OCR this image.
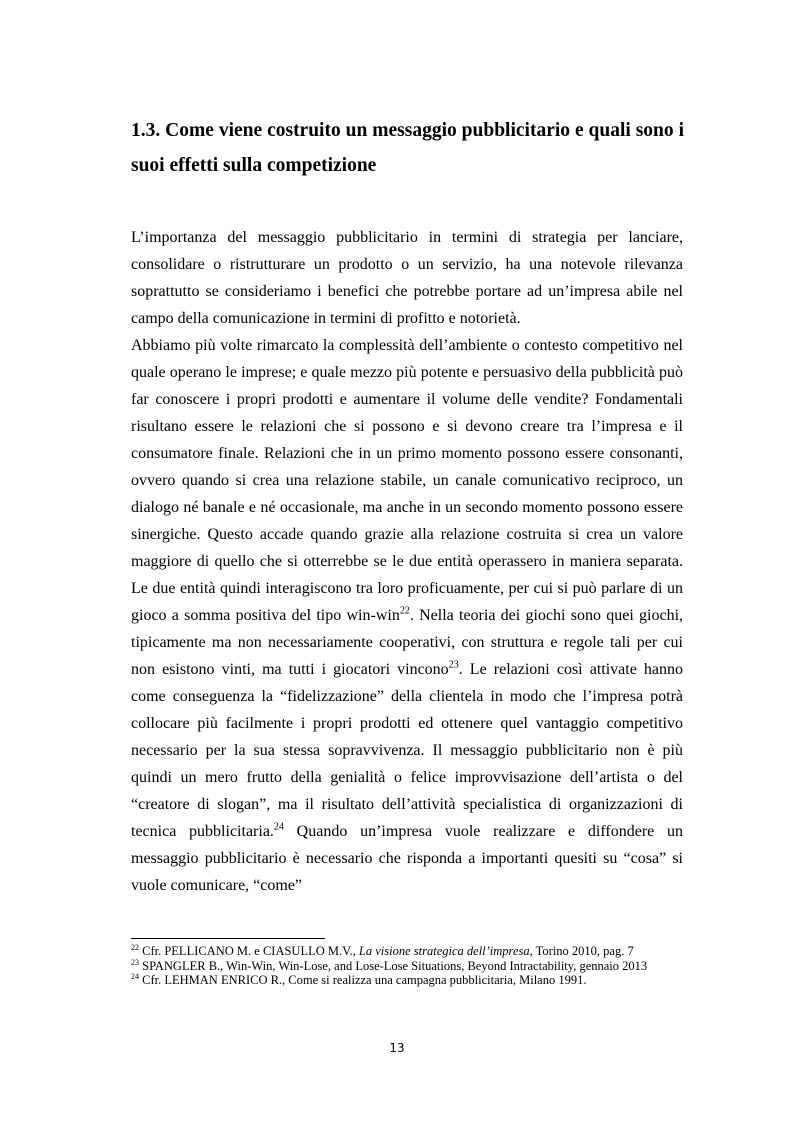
1.3. Come viene costruito un messaggio pubblicitario e quali sono i suoi effetti sulla competizione

L’importanza del messaggio pubblicitario in termini di strategia per lanciare, consolidare o ristrutturare un prodotto o un servizio, ha una notevole rilevanza soprattutto se consideriamo i benefici che potrebbe portare ad un’impresa abile nel campo della comunicazione in termini di profitto e notorietà.

Abbiamo più volte rimarcato la complessità dell’ambiente o contesto competitivo nel quale operano le imprese; e quale mezzo più potente e persuasivo della pubblicità può far conoscere i propri prodotti e aumentare il volume delle vendite? Fondamentali risultano essere le relazioni che si possono e si devono creare tra l’impresa e il consumatore finale. Relazioni che in un primo momento possono essere consonanti, ovvero quando si crea una relazione stabile, un canale comunicativo reciproco, un dialogo né banale e né occasionale, ma anche in un secondo momento possono essere sinergiche. Questo accade quando grazie alla relazione costruita si crea un valore maggiore di quello che si otterrebbe se le due entità operassero in maniera separata. Le due entità quindi interagiscono tra loro proficuamente, per cui si può parlare di un gioco a somma positiva del tipo win-win$^{22}$. Nella teoria dei giochi sono quei giochi, tipicamente ma non necessariamente cooperativi, con struttura e regole tali per cui non esistono vinti, ma tutti i giocatori vincono$^{23}$. Le relazioni così attivate hanno come conseguenza la “fidelizzazione” della clientela in modo che l’impresa potrà collocare più facilmente i propri prodotti ed ottenere quel vantaggio competitivo necessario per la sua stessa sopravvivenza. Il messaggio pubblicitario non è più quindi un mero frutto della genialità o felice improvvisazione dell’artista o del “creatore di slogan”, ma il risultato dell’attività specialistica di organizzazioni di tecnica pubblicitaria.$^{24}$ Quando un’impresa vuole realizzare e diffondere un messaggio pubblicitario è necessario che risponda a importanti quesiti su “cosa” si vuole comunicare, “come”

$^{22}$ Cfr. PELLICANO M. e CIASULLO M.V., La visione strategica dell’impresa, Torino 2010, pag. 7

$^{23}$ SPANGLER B., Win-Win, Win-Lose, and Lose-Lose Situations, Beyond Intractability, gennaio 2013

$^{24}$ Cfr. LEHMAN ENRICO R., Come si realizza una campagna pubblicitaria, Milano 1991.

13
